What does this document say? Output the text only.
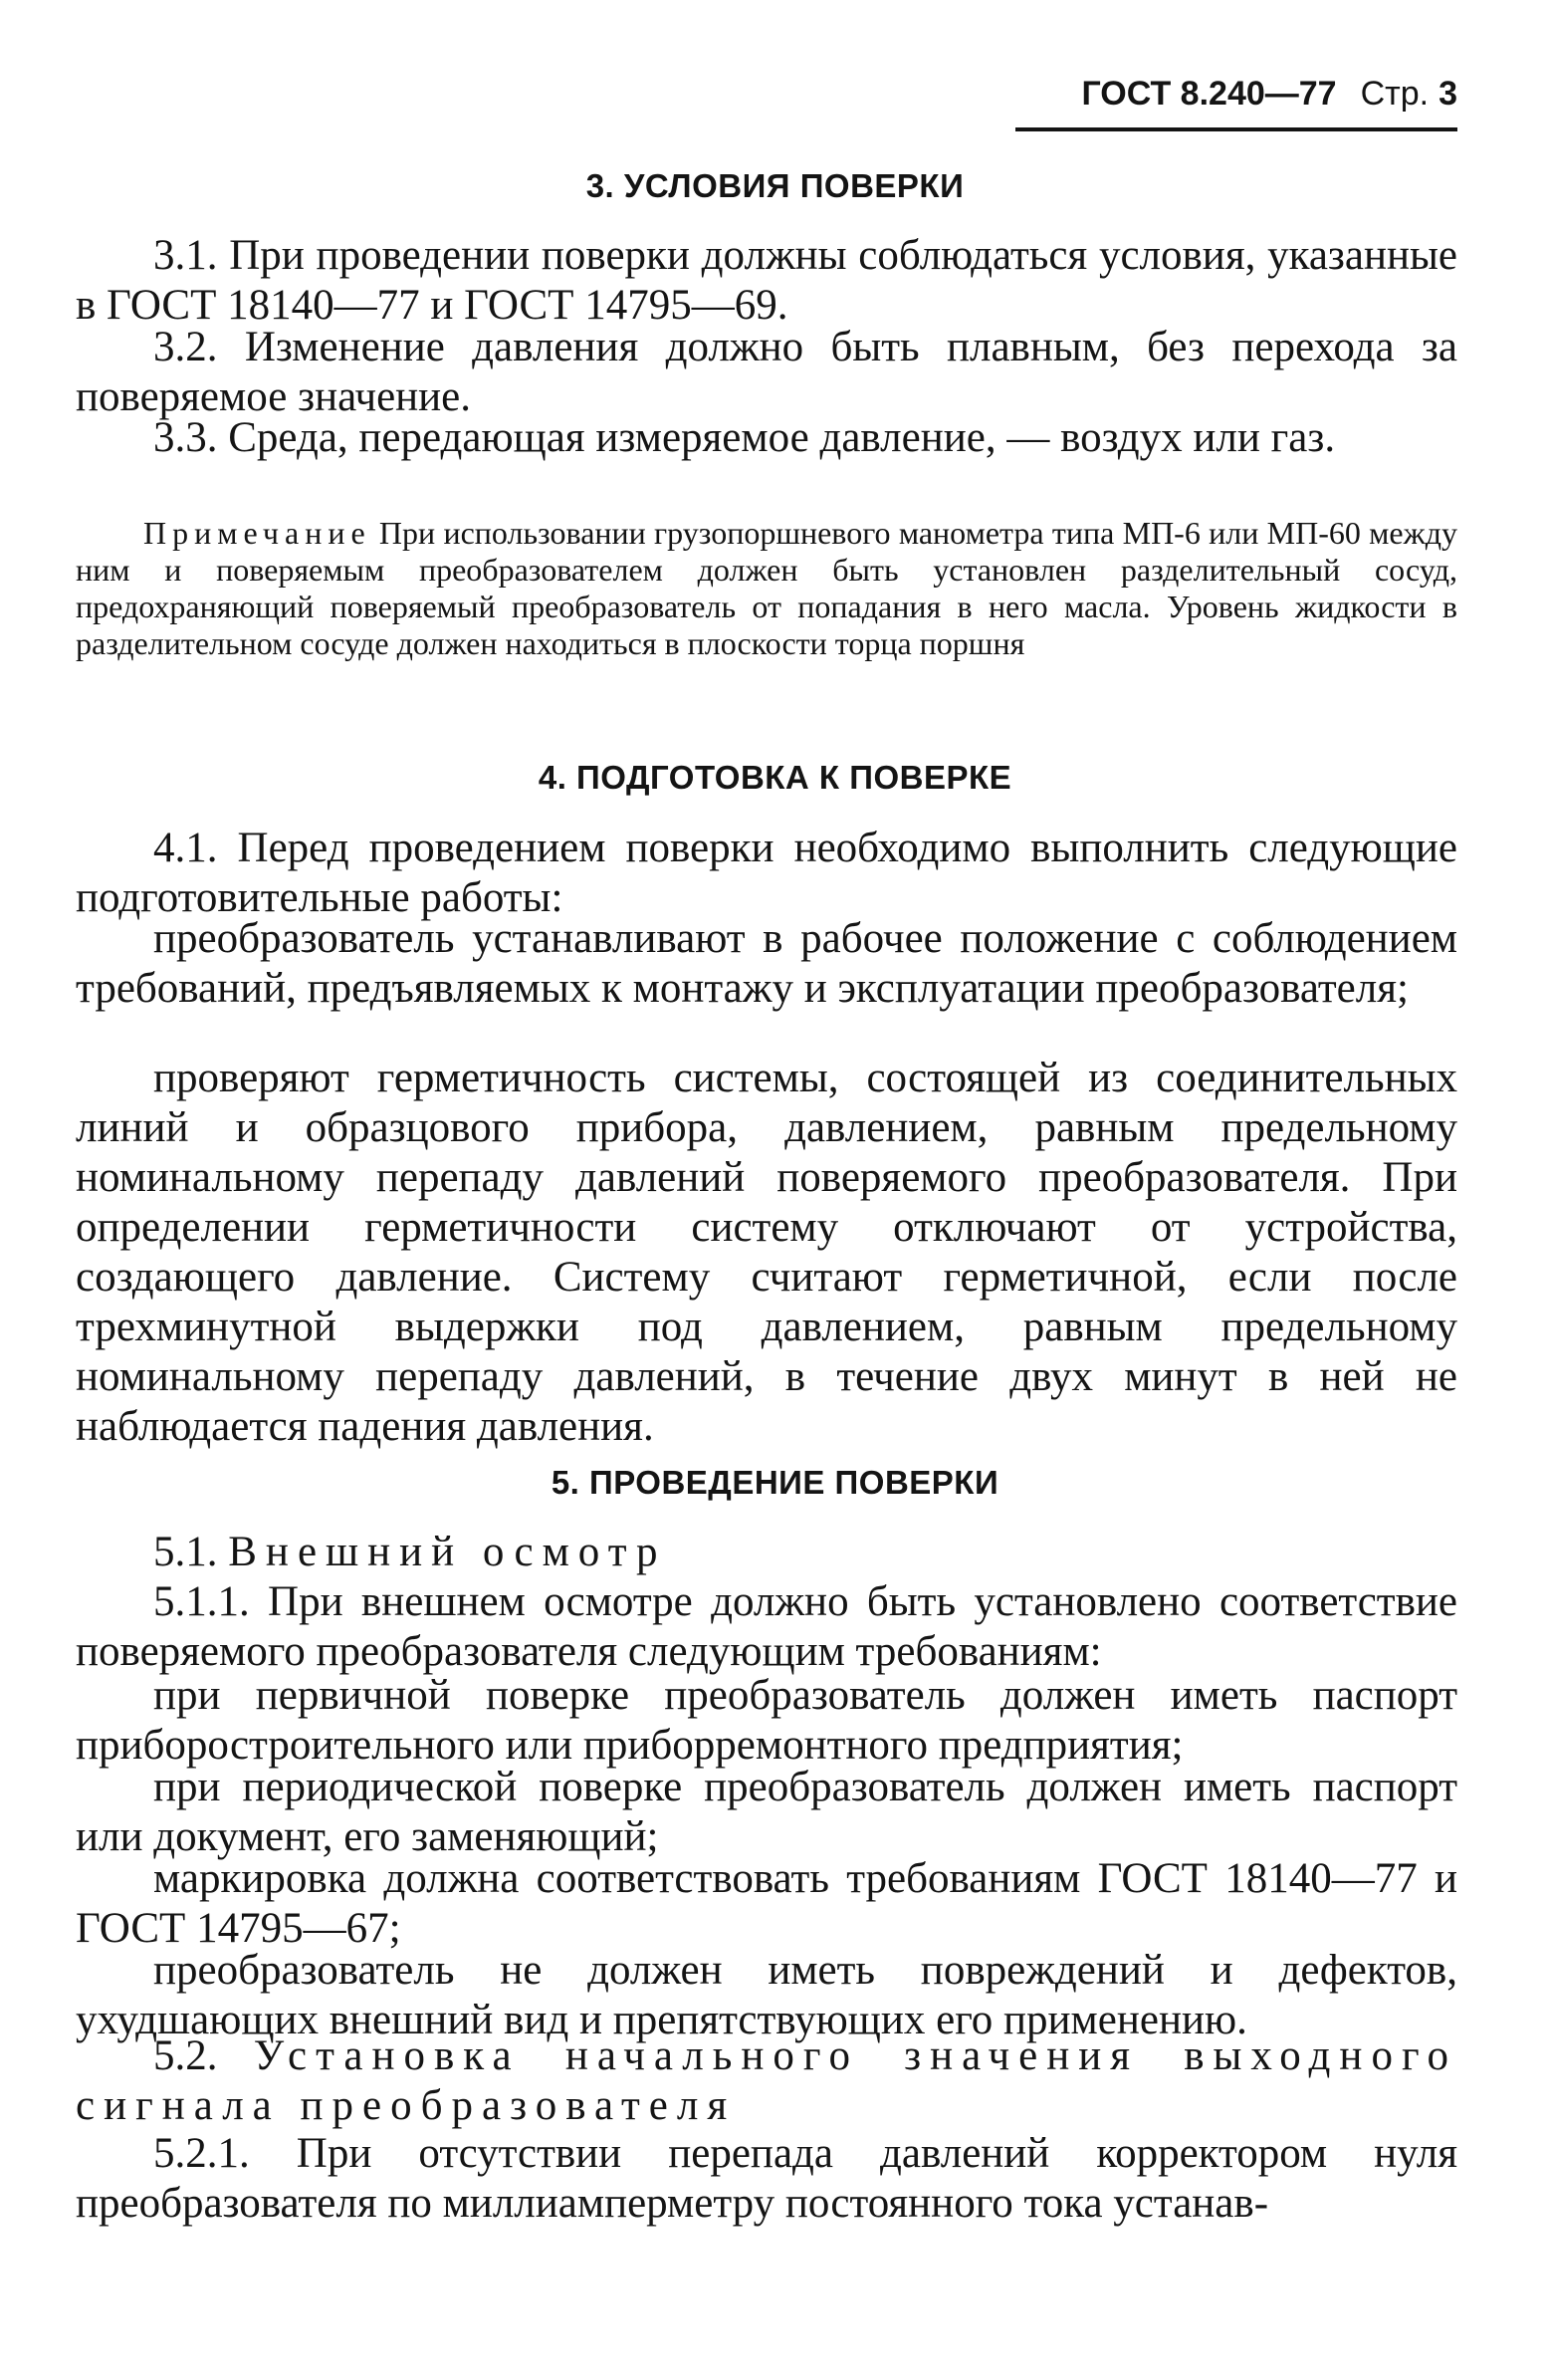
ГОСТ 8.240—77 Стр. 3
3. УСЛОВИЯ ПОВЕРКИ
3.1. При проведении поверки должны соблюдаться условия, указанные в ГОСТ 18140—77 и ГОСТ 14795—69.
3.2. Изменение давления должно быть плавным, без перехода за поверяемое значение.
3.3. Среда, передающая измеряемое давление, — воздух или газ.
Примечание При использовании грузопоршневого манометра типа МП-6 или МП-60 между ним и поверяемым преобразователем должен быть установлен разделительный сосуд, предохраняющий поверяемый преобразователь от попадания в него масла. Уровень жидкости в разделительном сосуде должен находиться в плоскости торца поршня
4. ПОДГОТОВКА К ПОВЕРКЕ
4.1. Перед проведением поверки необходимо выполнить следующие подготовительные работы:
преобразователь устанавливают в рабочее положение с соблюдением требований, предъявляемых к монтажу и эксплуатации преобразователя;
проверяют герметичность системы, состоящей из соединительных линий и образцового прибора, давлением, равным предельному номинальному перепаду давлений поверяемого преобразователя. При определении герметичности систему отключают от устройства, создающего давление. Систему считают герметичной, если после трехминутной выдержки под давлением, равным предельному номинальному перепаду давлений, в течение двух минут в ней не наблюдается падения давления.
5. ПРОВЕДЕНИЕ ПОВЕРКИ
5.1. Внешний осмотр
5.1.1. При внешнем осмотре должно быть установлено соответствие поверяемого преобразователя следующим требованиям:
при первичной поверке преобразователь должен иметь паспорт приборостроительного или приборремонтного предприятия;
при периодической поверке преобразователь должен иметь паспорт или документ, его заменяющий;
маркировка должна соответствовать требованиям ГОСТ 18140—77 и ГОСТ 14795—67;
преобразователь не должен иметь повреждений и дефектов, ухудшающих внешний вид и препятствующих его применению.
5.2. Установка начального значения выходного сигнала преобразователя
5.2.1. При отсутствии перепада давлений корректором нуля преобразователя по миллиамперметру постоянного тока устанав-
